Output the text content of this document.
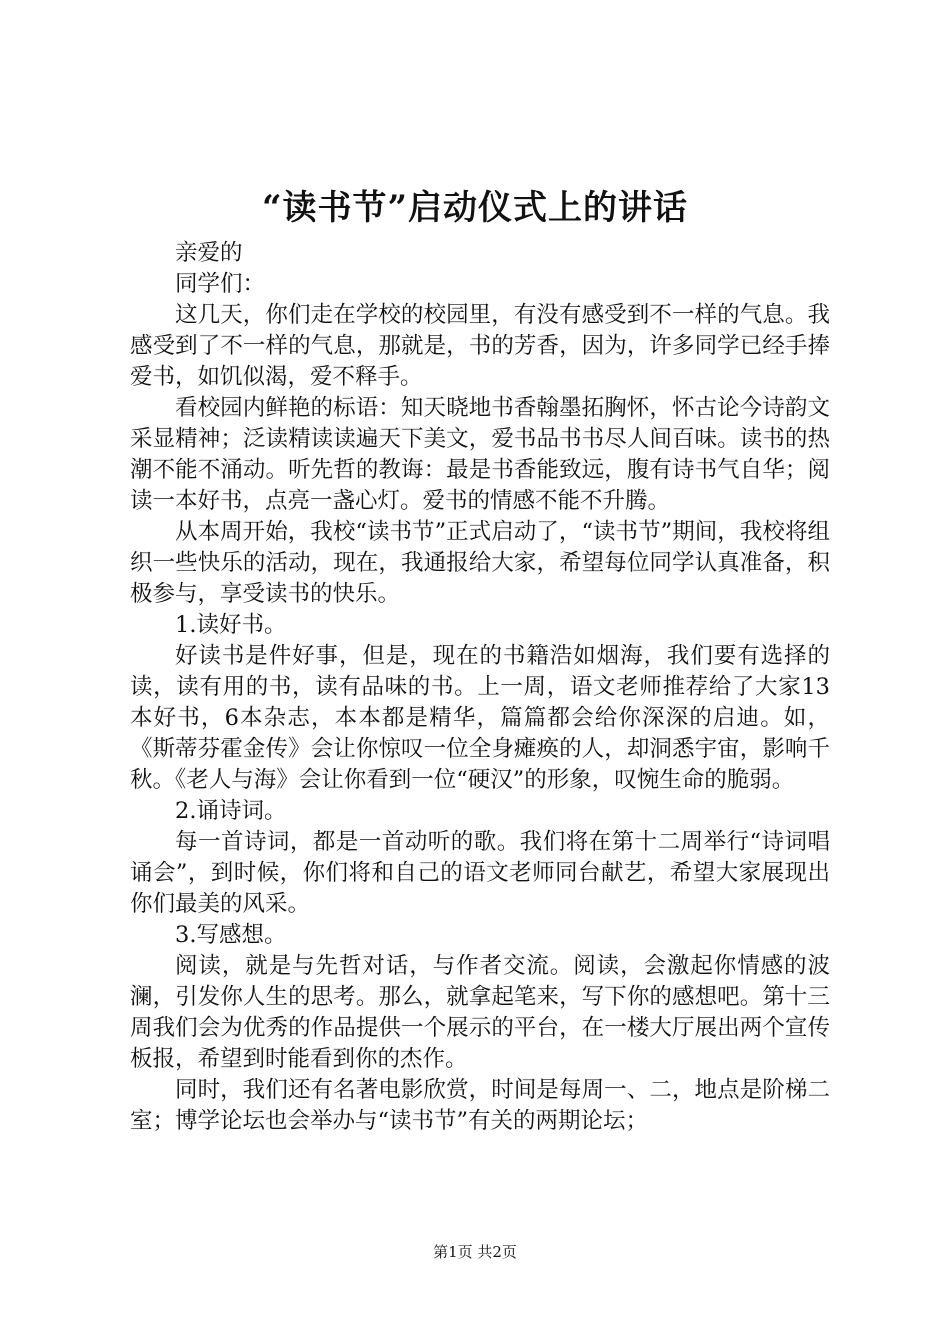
“读书节”启动仪式上的讲话

亲爱的

同学们：

这几天，你们走在学校的校园里，有没有感受到不一样的气息。我感受到了不一样的气息，那就是，书的芳香，因为，许多同学已经手捧爱书，如饥似渴，爱不释手。

看校园内鲜艳的标语：知天晓地书香翰墨拓胸怀，怀古论今诗韵文采显精神；泛读精读读遍天下美文，爱书品书书尽人间百味。读书的热潮不能不涌动。听先哲的教诲：最是书香能致远，腹有诗书气自华；阅读一本好书，点亮一盏心灯。爱书的情感不能不升腾。

从本周开始，我校“读书节”正式启动了，“读书节”期间，我校将组织一些快乐的活动，现在，我通报给大家，希望每位同学认真准备，积极参与，享受读书的快乐。

1.读好书。

好读书是件好事，但是，现在的书籍浩如烟海，我们要有选择的读，读有用的书，读有品味的书。上一周，语文老师推荐给了大家13本好书，6本杂志，本本都是精华，篇篇都会给你深深的启迪。如，《斯蒂芬霍金传》会让你惊叹一位全身瘫痪的人，却洞悉宇宙，影响千秋。《老人与海》会让你看到一位“硬汉”的形象，叹惋生命的脆弱。

2.诵诗词。

每一首诗词，都是一首动听的歌。我们将在第十二周举行“诗词唱诵会”，到时候，你们将和自己的语文老师同台献艺，希望大家展现出你们最美的风采。

3.写感想。

阅读，就是与先哲对话，与作者交流。阅读，会激起你情感的波澜，引发你人生的思考。那么，就拿起笔来，写下你的感想吧。第十三周我们会为优秀的作品提供一个展示的平台，在一楼大厅展出两个宣传板报，希望到时能看到你的杰作。

同时，我们还有名著电影欣赏，时间是每周一、二，地点是阶梯二室；博学论坛也会举办与“读书节”有关的两期论坛；

第1页 共2页
